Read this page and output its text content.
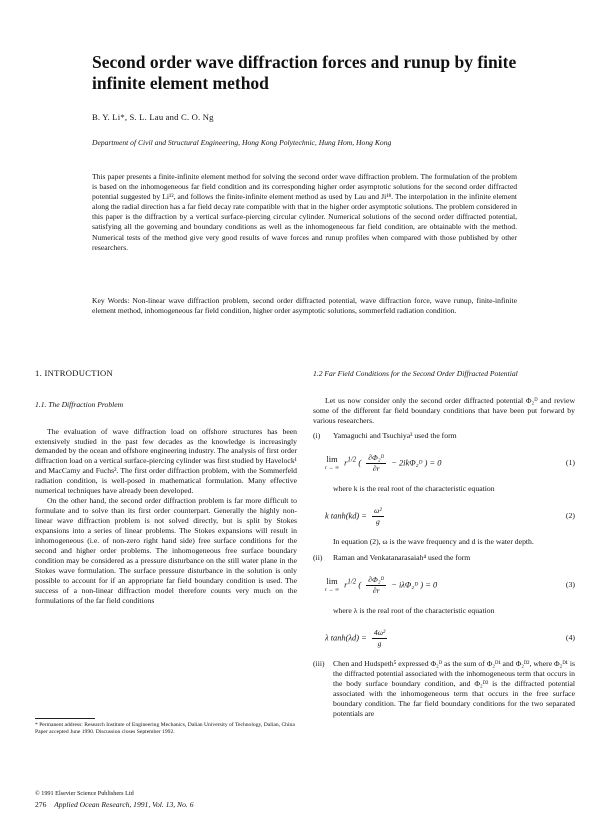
Second order wave diffraction forces and runup by finite infinite element method
B. Y. Li*, S. L. Lau and C. O. Ng
Department of Civil and Structural Engineering, Hong Kong Polytechnic, Hung Hom, Hong Kong
This paper presents a finite-infinite element method for solving the second order wave diffraction problem. The formulation of the problem is based on the inhomogeneous far field condition and its corresponding higher order asymptotic solutions for the second order diffracted potential suggested by Li¹², and follows the finite-infinite element method as used by Lau and Ji¹⁸. The interpolation in the infinite element along the radial direction has a far field decay rate compatible with that in the higher order asymptotic solutions. The problem considered in this paper is the diffraction by a vertical surface-piercing circular cylinder. Numerical solutions of the second order diffracted potential, satisfying all the governing and boundary conditions as well as the inhomogeneous far field condition, are obtainable with the method. Numerical tests of the method give very good results of wave forces and runup profiles when compared with those published by other researchers.
Key Words: Non-linear wave diffraction problem, second order diffracted potential, wave diffraction force, wave runup, finite-infinite element method, inhomogeneous far field condition, higher order asymptotic solutions, sommerfeld radiation condition.
1. INTRODUCTION
1.1. The Diffraction Problem

The evaluation of wave diffraction load on offshore structures has been extensively studied in the past few decades as the knowledge is increasingly demanded by the ocean and offshore engineering industry. The analysis of first order diffraction load on a vertical surface-piercing cylinder was first studied by Havelock¹ and MacCamy and Fuchs². The first order diffraction problem, with the Sommerfeld radiation condition, is well-posed in mathematical formulation. Many effective numerical techniques have already been developed.

On the other hand, the second order diffraction problem is far more difficult to formulate and to solve than its first order counterpart. Generally the highly non-linear wave diffraction problem is not solved directly, but is split by Stokes expansions into a series of linear problems. The Stokes expansions will result in inhomogeneous (i.e. of non-zero right hand side) free surface conditions for the second and higher order problems. The inhomogeneous free surface boundary condition may be considered as a pressure disturbance on the still water plane in the Stokes wave formulation. The surface pressure disturbance in the solution is only possible to account for if an appropriate far field boundary condition is used. The success of a non-linear diffraction model therefore counts very much on the formulations of the far field conditions

1.2 Far Field Conditions for the Second Order Diffracted Potential

Let us now consider only the second order diffracted potential Φ₂ᴰ and review some of the different far field boundary conditions that have been put forward by various researchers.

(i)	Yamaguchi and Tsuchiya³ used the form
lim
r → ∞
$r^{1/2}$ ( $\frac{\text{∂Φ₂ᴰ}}{\partial r}$ − 2ikΦ₂ᴰ ) = 0	(1)

where k is the real root of the characteristic equation

k $\tanh(kd) = \frac{\text{ω²}}{g}$	(2)

In equation (2), ω is the wave frequency and d is the water depth.

(ii)	Raman and Venkatanarasaiah⁴ used the form
lim
r → ∞
$r^{1/2}$ ( $\frac{\text{∂Φ₂ᴰ}}{\partial r}$ − iλΦ₂ᴰ ) = 0	(3)

where λ is the real root of the characteristic equation

λ $\tanh(\lambda d) = \frac{\text{4ω²}}{g}$	(4)
(iii)	Chen and Hudspeth⁵ expressed Φ₂ᴰ as the sum of Φ₂ᴰ¹ and Φ₂ᴰ², where Φ₂ᴰ¹ is the diffracted potential associated with the inhomogeneous term that occurs in the body surface boundary condition, and Φ₂ᴰ² is the diffracted potential associated with the inhomogeneous term that occurs in the free surface boundary condition. The far field boundary conditions for the two separated potentials are
* Permanent address: Research Institute of Engineering Mechanics, Dalian University of Technology, Dalian, China
Paper accepted June 1990. Discussion closes September 1992.
© 1991 Elsevier Science Publishers Ltd
276 Applied Ocean Research, 1991, Vol. 13, No. 6
